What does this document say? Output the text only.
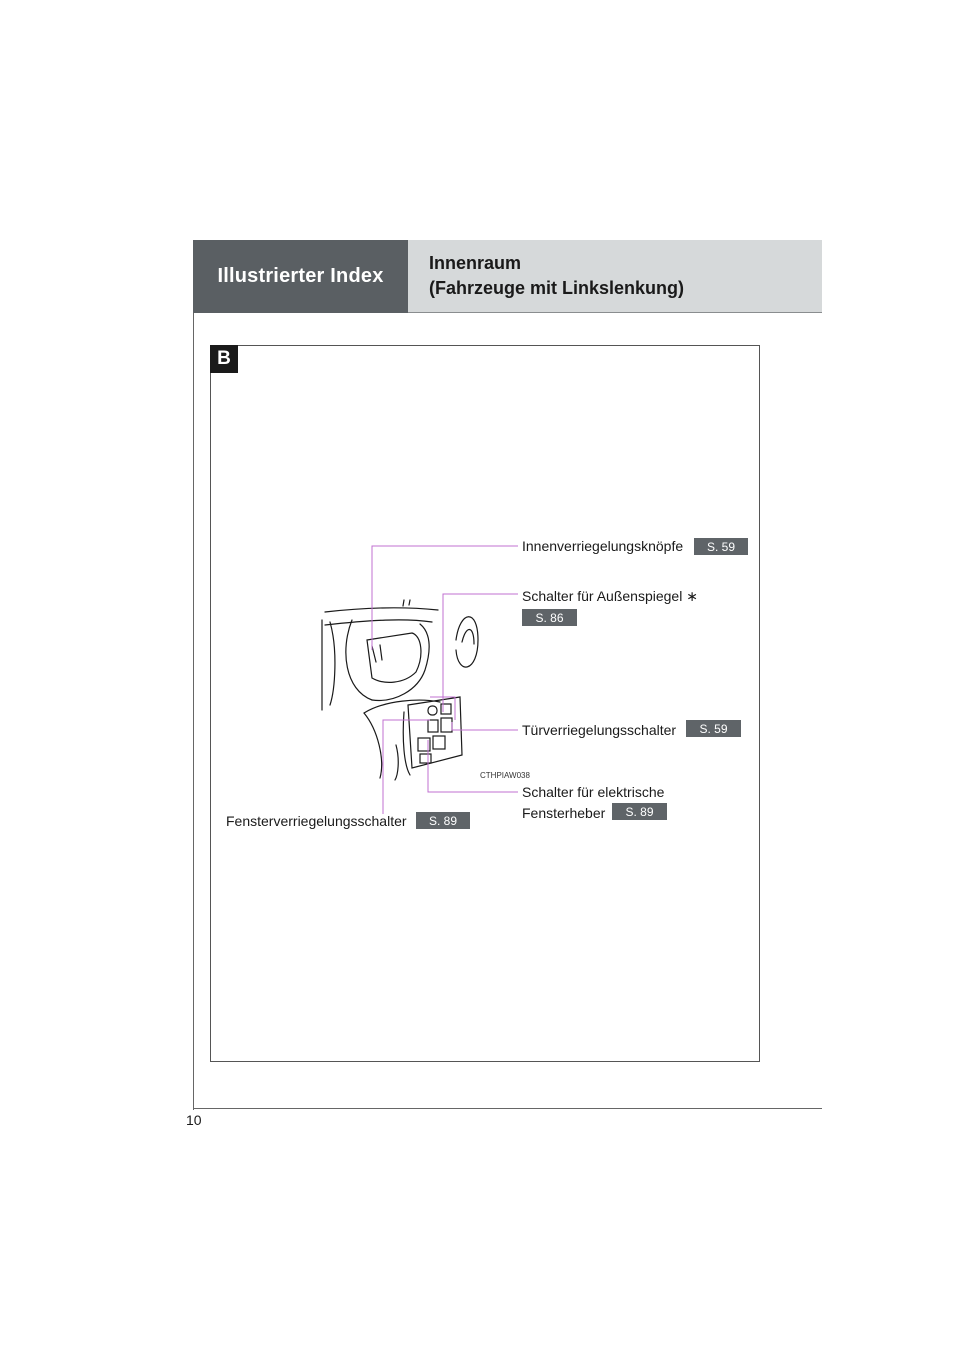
Illustrierter Index
Innenraum
(Fahrzeuge mit Linkslenkung)
B
Innenverriegelungsknöpfe	S. 59
Schalter für Außenspiegel ∗
S. 86
Türverriegelungsschalter	S. 59
CTHPIAW038
Schalter für elektrische
Fensterheber	S. 89
Fensterverriegelungsschalter	S. 89
10
